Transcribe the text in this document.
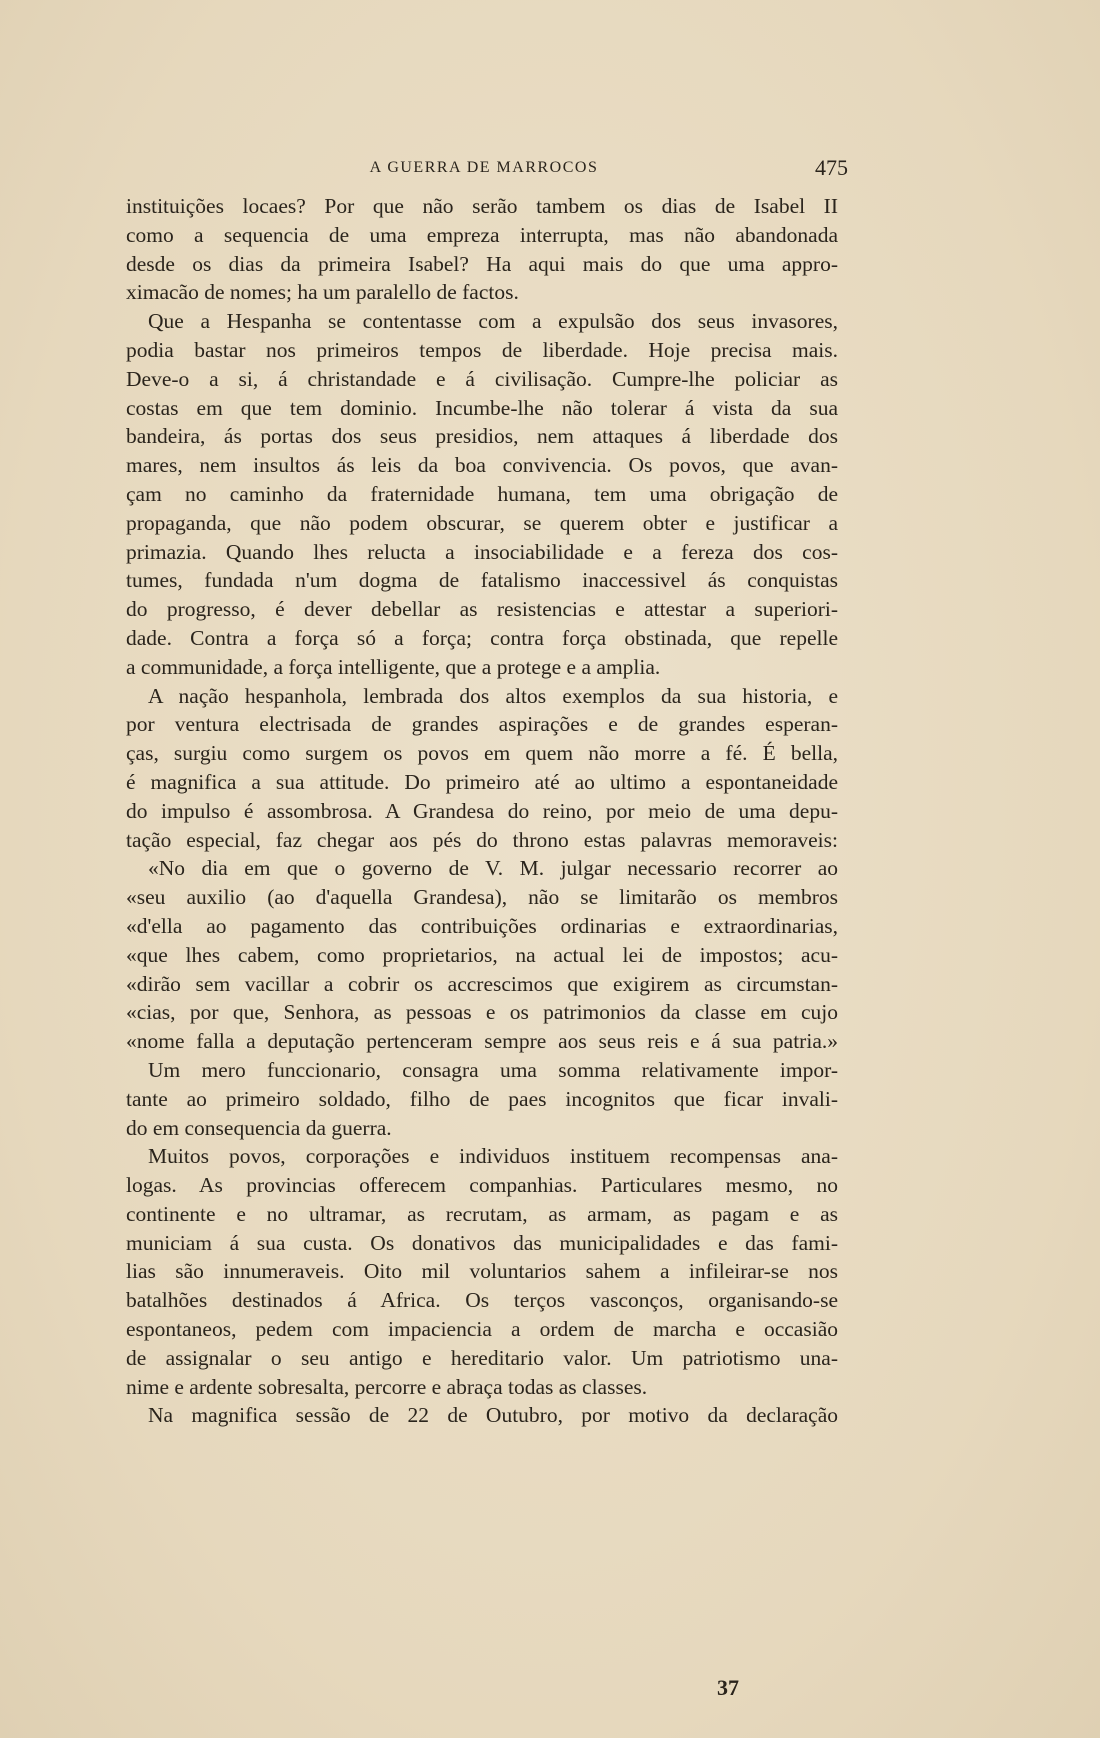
A GUERRA DE MARROCOS	475
instituições locaes? Por que não serão tambem os dias de Isabel II
como a sequencia de uma empreza interrupta, mas não abandonada
desde os dias da primeira Isabel? Ha aqui mais do que uma appro-
ximacão de nomes; ha um paralello de factos.
Que a Hespanha se contentasse com a expulsão dos seus invasores,
podia bastar nos primeiros tempos de liberdade. Hoje precisa mais.
Deve-o a si, á christandade e á civilisação. Cumpre-lhe policiar as
costas em que tem dominio. Incumbe-lhe não tolerar á vista da sua
bandeira, ás portas dos seus presidios, nem attaques á liberdade dos
mares, nem insultos ás leis da boa convivencia. Os povos, que avan-
çam no caminho da fraternidade humana, tem uma obrigação de
propaganda, que não podem obscurar, se querem obter e justificar a
primazia. Quando lhes relucta a insociabilidade e a fereza dos cos-
tumes, fundada n'um dogma de fatalismo inaccessivel ás conquistas
do progresso, é dever debellar as resistencias e attestar a superiori-
dade. Contra a força só a força; contra força obstinada, que repelle
a communidade, a força intelligente, que a protege e a amplia.
A nação hespanhola, lembrada dos altos exemplos da sua historia, e
por ventura electrisada de grandes aspirações e de grandes esperan-
ças, surgiu como surgem os povos em quem não morre a fé. É bella,
é magnifica a sua attitude. Do primeiro até ao ultimo a espontaneidade
do impulso é assombrosa. A Grandesa do reino, por meio de uma depu-
tação especial, faz chegar aos pés do throno estas palavras memoraveis:
«No dia em que o governo de V. M. julgar necessario recorrer ao
«seu auxilio (ao d'aquella Grandesa), não se limitarão os membros
«d'ella ao pagamento das contribuições ordinarias e extraordinarias,
«que lhes cabem, como proprietarios, na actual lei de impostos; acu-
«dirão sem vacillar a cobrir os accrescimos que exigirem as circumstan-
«cias, por que, Senhora, as pessoas e os patrimonios da classe em cujo
«nome falla a deputação pertenceram sempre aos seus reis e á sua patria.»
Um mero funccionario, consagra uma somma relativamente impor-
tante ao primeiro soldado, filho de paes incognitos que ficar invali-
do em consequencia da guerra.
Muitos povos, corporações e individuos instituem recompensas ana-
logas. As provincias offerecem companhias. Particulares mesmo, no
continente e no ultramar, as recrutam, as armam, as pagam e as
municiam á sua custa. Os donativos das municipalidades e das fami-
lias são innumeraveis. Oito mil voluntarios sahem a infileirar-se nos
batalhões destinados á Africa. Os terços vasconços, organisando-se
espontaneos, pedem com impaciencia a ordem de marcha e occasião
de assignalar o seu antigo e hereditario valor. Um patriotismo una-
nime e ardente sobresalta, percorre e abraça todas as classes.
Na magnifica sessão de 22 de Outubro, por motivo da declaração
37
